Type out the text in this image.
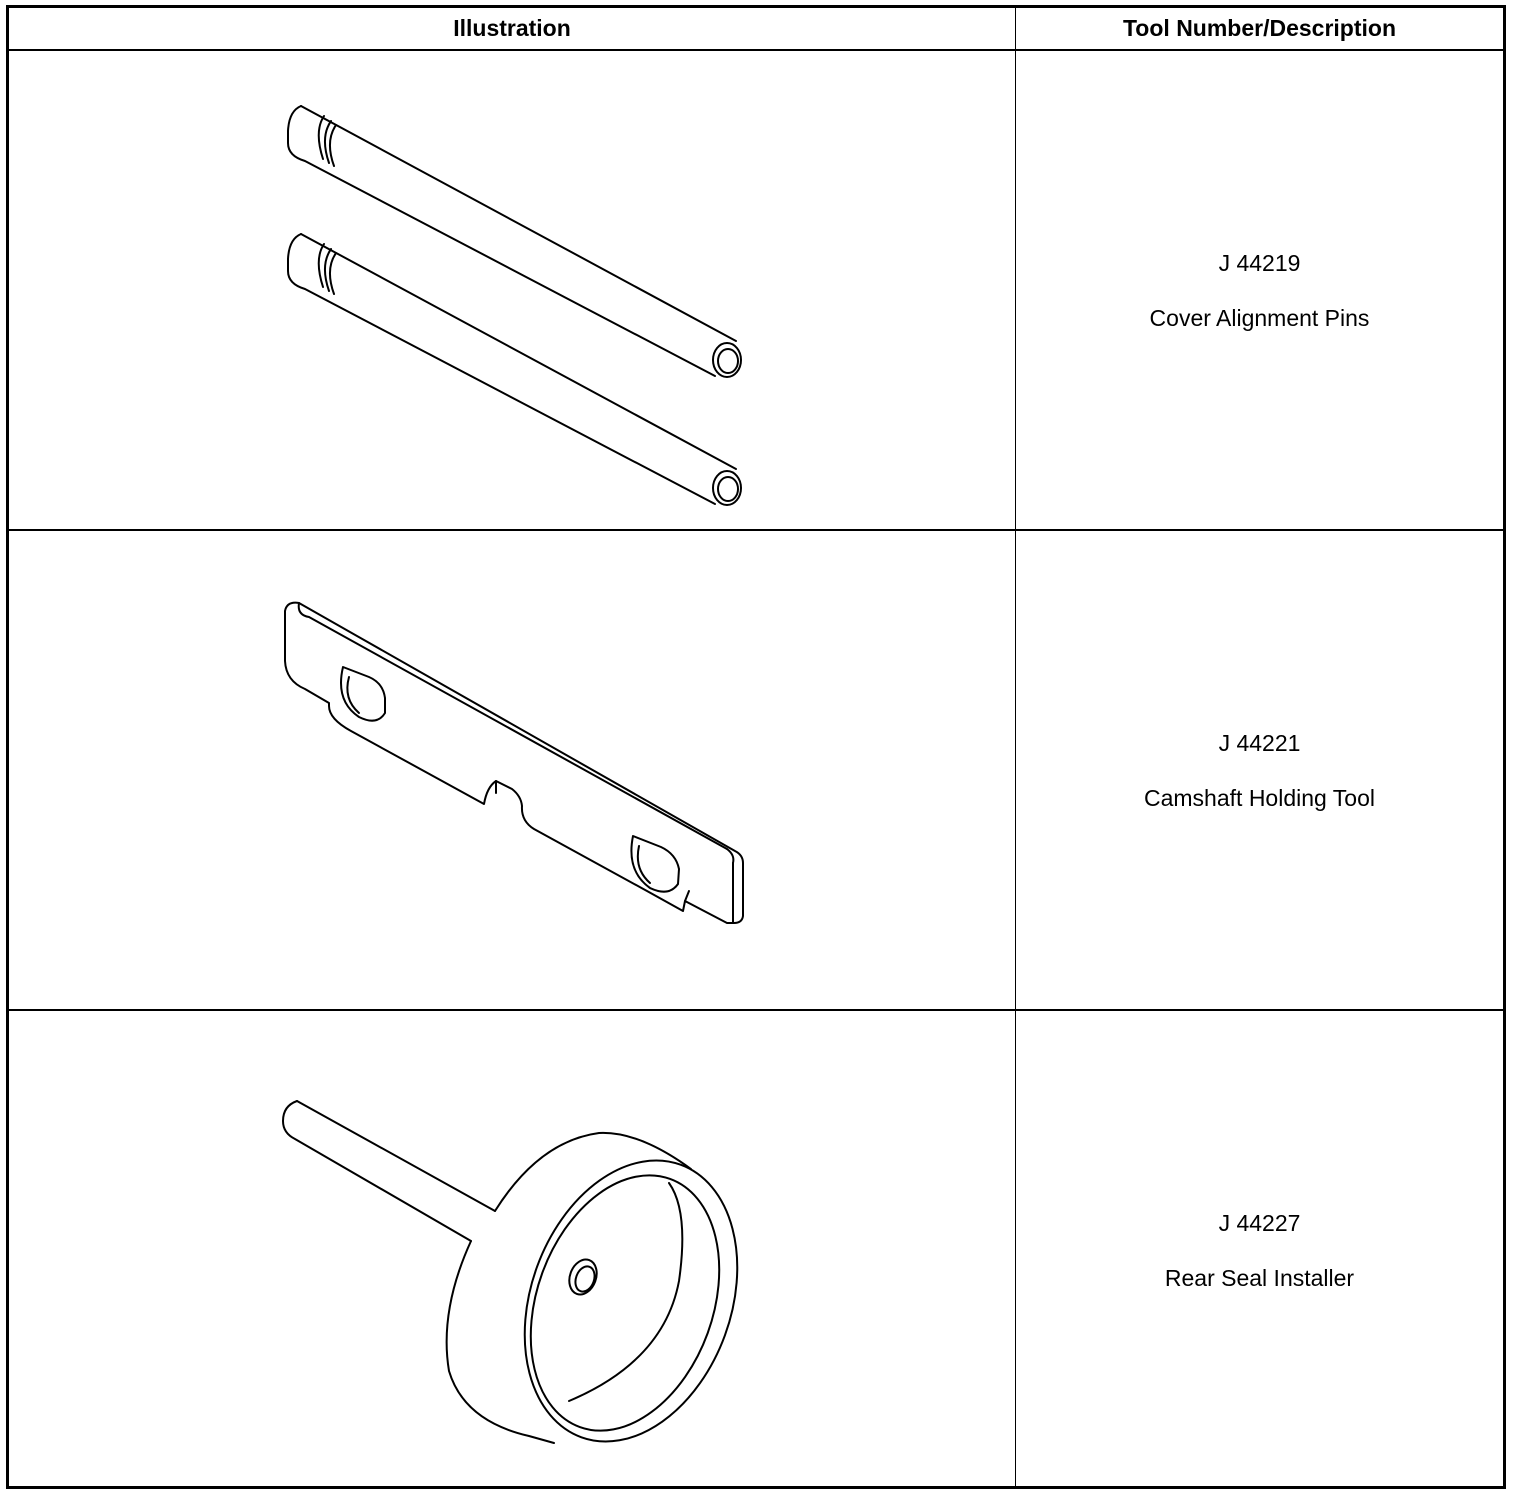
Illustration	Tool Number/Description
J 44219
Cover Alignment Pins
J 44221
Camshaft Holding Tool
J 44227
Rear Seal Installer
